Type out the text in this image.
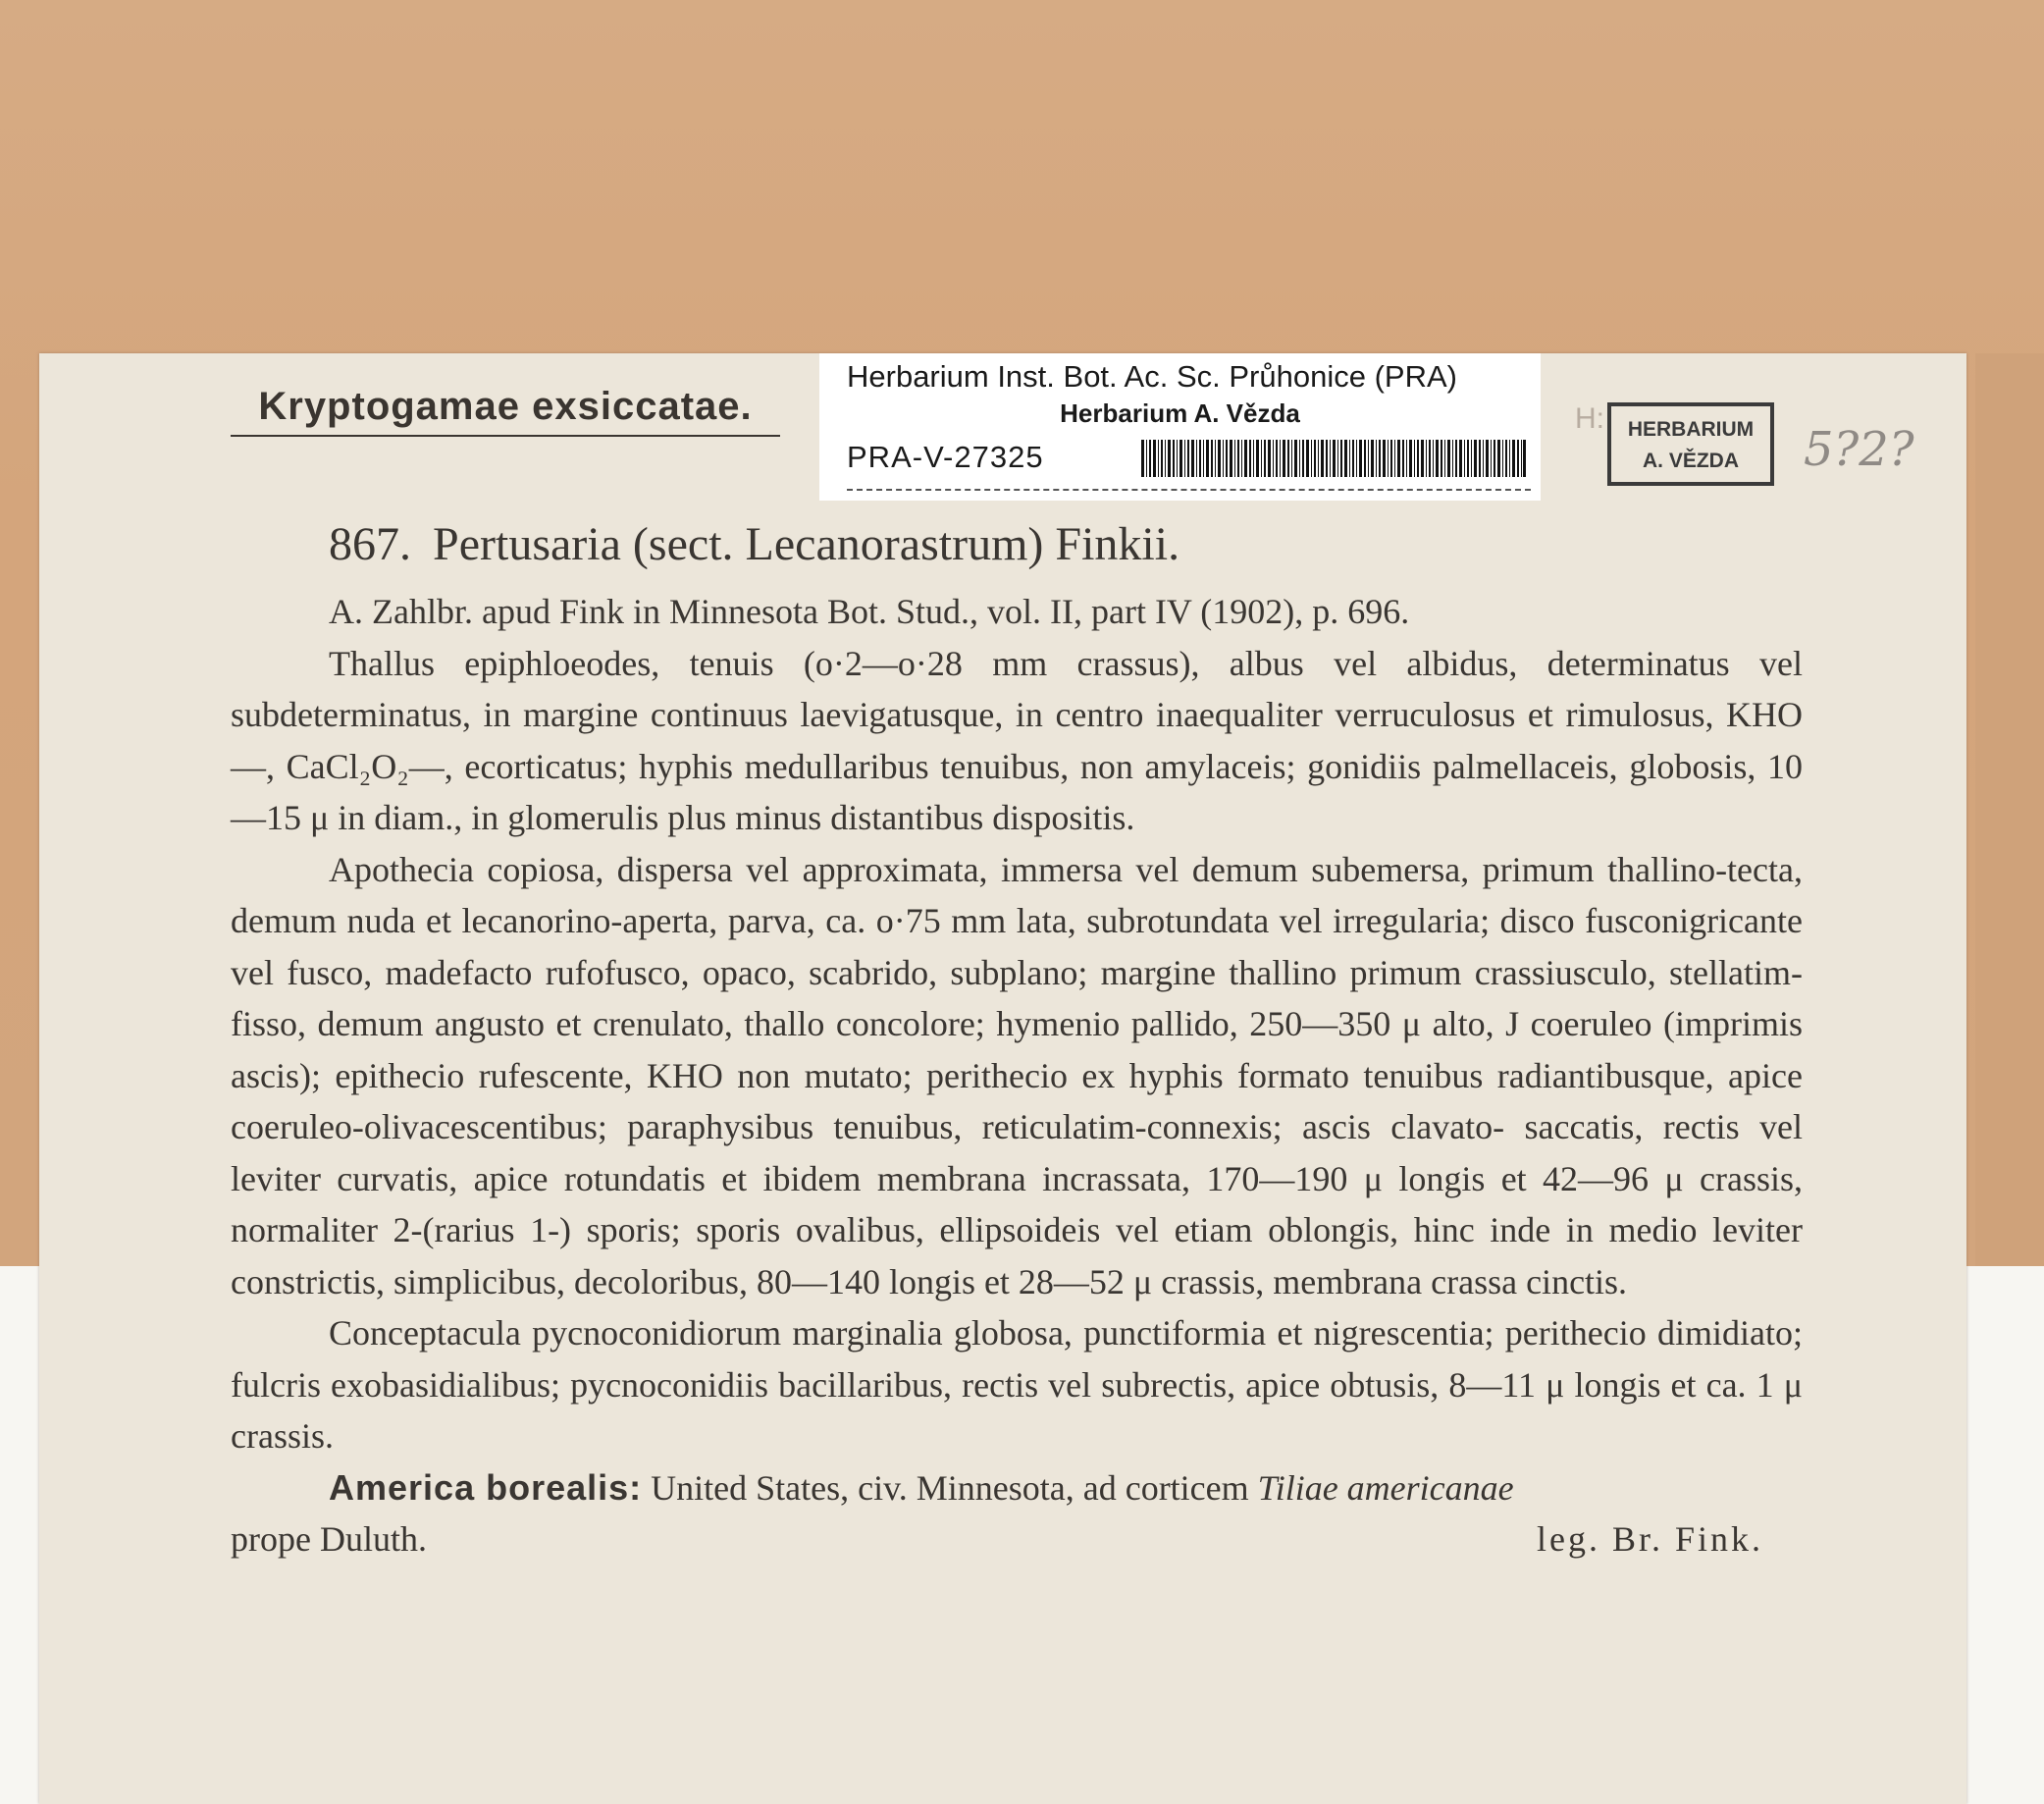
Kryptogamae exsiccatae.
Herbarium Inst. Bot. Ac. Sc. Průhonice (PRA)
Herbarium A. Vězda
PRA-V-27325
H:	HERBARIUM
A. VĚZDA	5?2?
867. Pertusaria (sect. Lecanorastrum) Finkii.

A. Zahlbr. apud Fink in Minnesota Bot. Stud., vol. II, part IV (1902), p. 696.

Thallus epiphloeodes, tenuis (o·2—o·28 mm crassus), albus vel albidus, determinatus vel subdeterminatus, in margine continuus laevigatusque, in centro inaequaliter verruculosus et rimulosus, KHO—, CaCl₂O₂—, ecorticatus; hyphis medullaribus tenuibus, non amylaceis; gonidiis palmellaceis, globosis, 10—15 μ in diam., in glomerulis plus minus distantibus dispositis.

Apothecia copiosa, dispersa vel approximata, immersa vel demum subemersa, primum thallino-tecta, demum nuda et lecanorino-aperta, parva, ca. o·75 mm lata, subrotundata vel irregularia; disco fusconigricante vel fusco, madefacto rufofusco, opaco, scabrido, subplano; margine thallino primum crassiusculo, stellatim-fisso, demum angusto et crenulato, thallo concolore; hymenio pallido, 250—350 μ alto, J coeruleo (imprimis ascis); epithecio rufescente, KHO non mutato; perithecio ex hyphis formato tenuibus radiantibusque, apice coeruleo-olivacescentibus; paraphysibus tenuibus, reticulatim-connexis; ascis clavato- saccatis, rectis vel leviter curvatis, apice rotundatis et ibidem membrana incrassata, 170—190 μ longis et 42—96 μ crassis, normaliter 2-(rarius 1-) sporis; sporis ovalibus, ellipsoideis vel etiam oblongis, hinc inde in medio leviter constrictis, simplicibus, decoloribus, 80—140 longis et 28—52 μ crassis, membrana crassa cinctis.

Conceptacula pycnoconidiorum marginalia globosa, punctiformia et nigrescentia; perithecio dimidiato; fulcris exobasidialibus; pycnoconidiis bacillaribus, rectis vel subrectis, apice obtusis, 8—11 μ longis et ca. 1 μ crassis.

America borealis: United States, civ. Minnesota, ad corticem Tiliae americanae

prope Duluth.	leg. Br. Fink.
